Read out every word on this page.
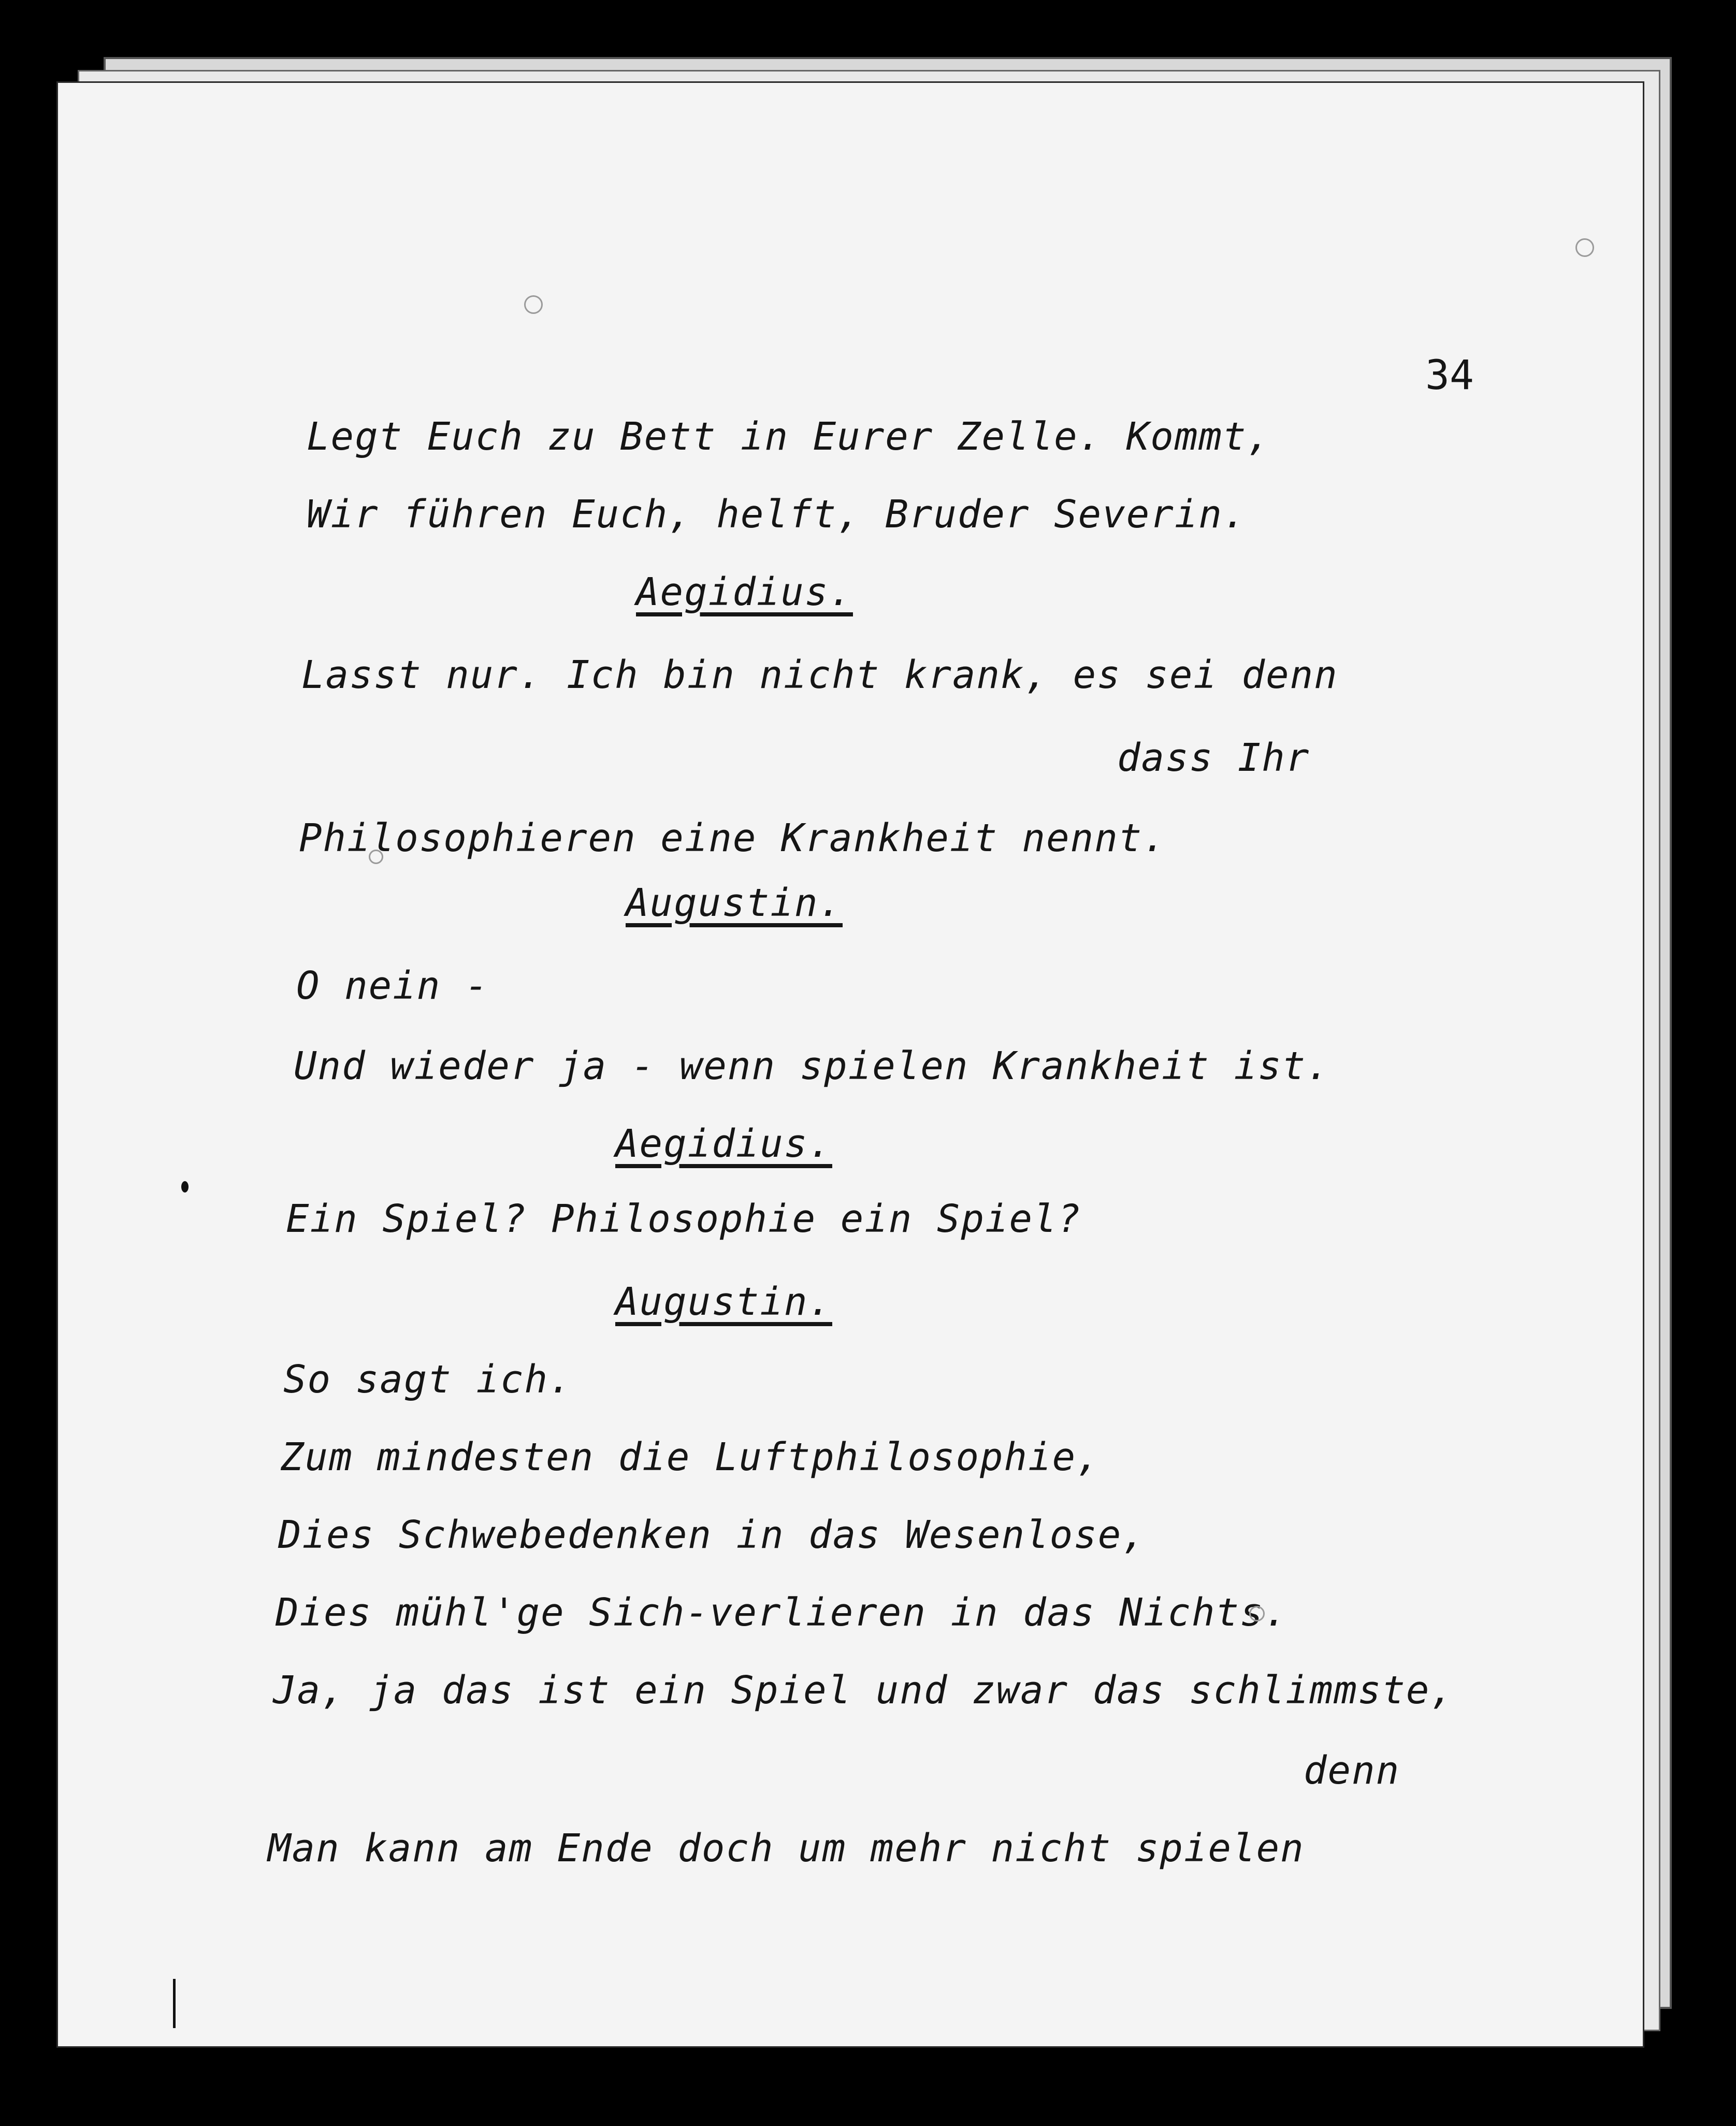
34
Legt Euch zu Bett in Eurer Zelle. Kommt,
Wir führen Euch, helft, Bruder Severin.
Aegidius.
Lasst nur. Ich bin nicht krank, es sei denn
dass Ihr
Philosophieren eine Krankheit nennt.
Augustin.
O nein -
Und wieder ja - wenn spielen Krankheit ist.
Aegidius.
Ein Spiel? Philosophie ein Spiel?
Augustin.
So sagt ich.
Zum mindesten die Luftphilosophie,
Dies Schwebedenken in das Wesenlose,
Dies mühl'ge Sich-verlieren in das Nichts.
Ja, ja das ist ein Spiel und zwar das schlimmste,
denn
Man kann am Ende doch um mehr nicht spielen
